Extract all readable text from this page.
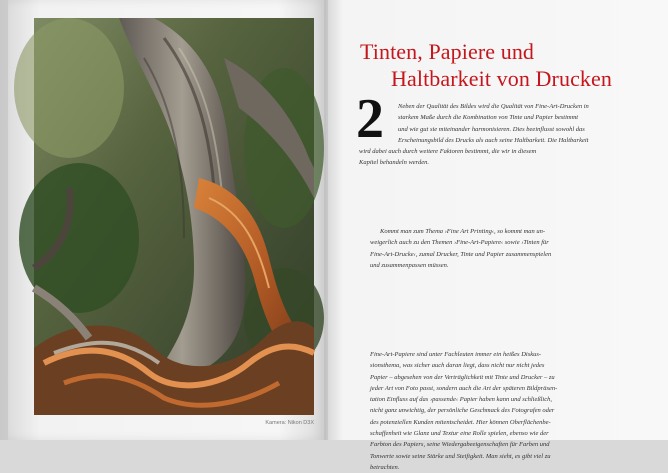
Kamera: Nikon D3X
Tinten, Papiere und
Haltbarkeit von Drucken
2	Neben der Qualität des Bildes wird die Qualität von Fine-Art-Drucken in
starkem Maße durch die Kombination von Tinte und Papier bestimmt
und wie gut sie miteinander harmonisieren. Dies beeinflusst sowohl das
Erscheinungsbild des Drucks als auch seine Haltbarkeit. Die Haltbarkeit
wird dabei auch durch weitere Faktoren bestimmt, die wir in diesem
Kapitel behandeln werden.
Kommt man zum Thema ›Fine Art Printing‹, so kommt man un-
weigerlich auch zu den Themen ›Fine-Art-Papiere‹ sowie ›Tinten für
Fine-Art-Drucke‹, zumal Drucker, Tinte und Papier zusammenspielen
und zusammenpassen müssen.
Fine-Art-Papiere sind unter Fachleuten immer ein heißes Diskus-
sionsthema, was sicher auch daran liegt, dass nicht nur nicht jedes
Papier – abgesehen von der Verträglichkeit mit Tinte und Drucker – zu
jeder Art von Foto passt, sondern auch die Art der späteren Bildpräsen-
tation Einfluss auf das ›passende‹ Papier haben kann und schließlich,
nicht ganz unwichtig, der persönliche Geschmack des Fotografen oder
des potenziellen Kunden mitentscheidet. Hier können Oberflächenbe-
schaffenheit wie Glanz und Textur eine Rolle spielen, ebenso wie der
Farbton des Papiers, seine Wiedergabeeigenschaften für Farben und
Tonwerte sowie seine Stärke und Steifigkeit. Man sieht, es gibt viel zu
betrachten.
